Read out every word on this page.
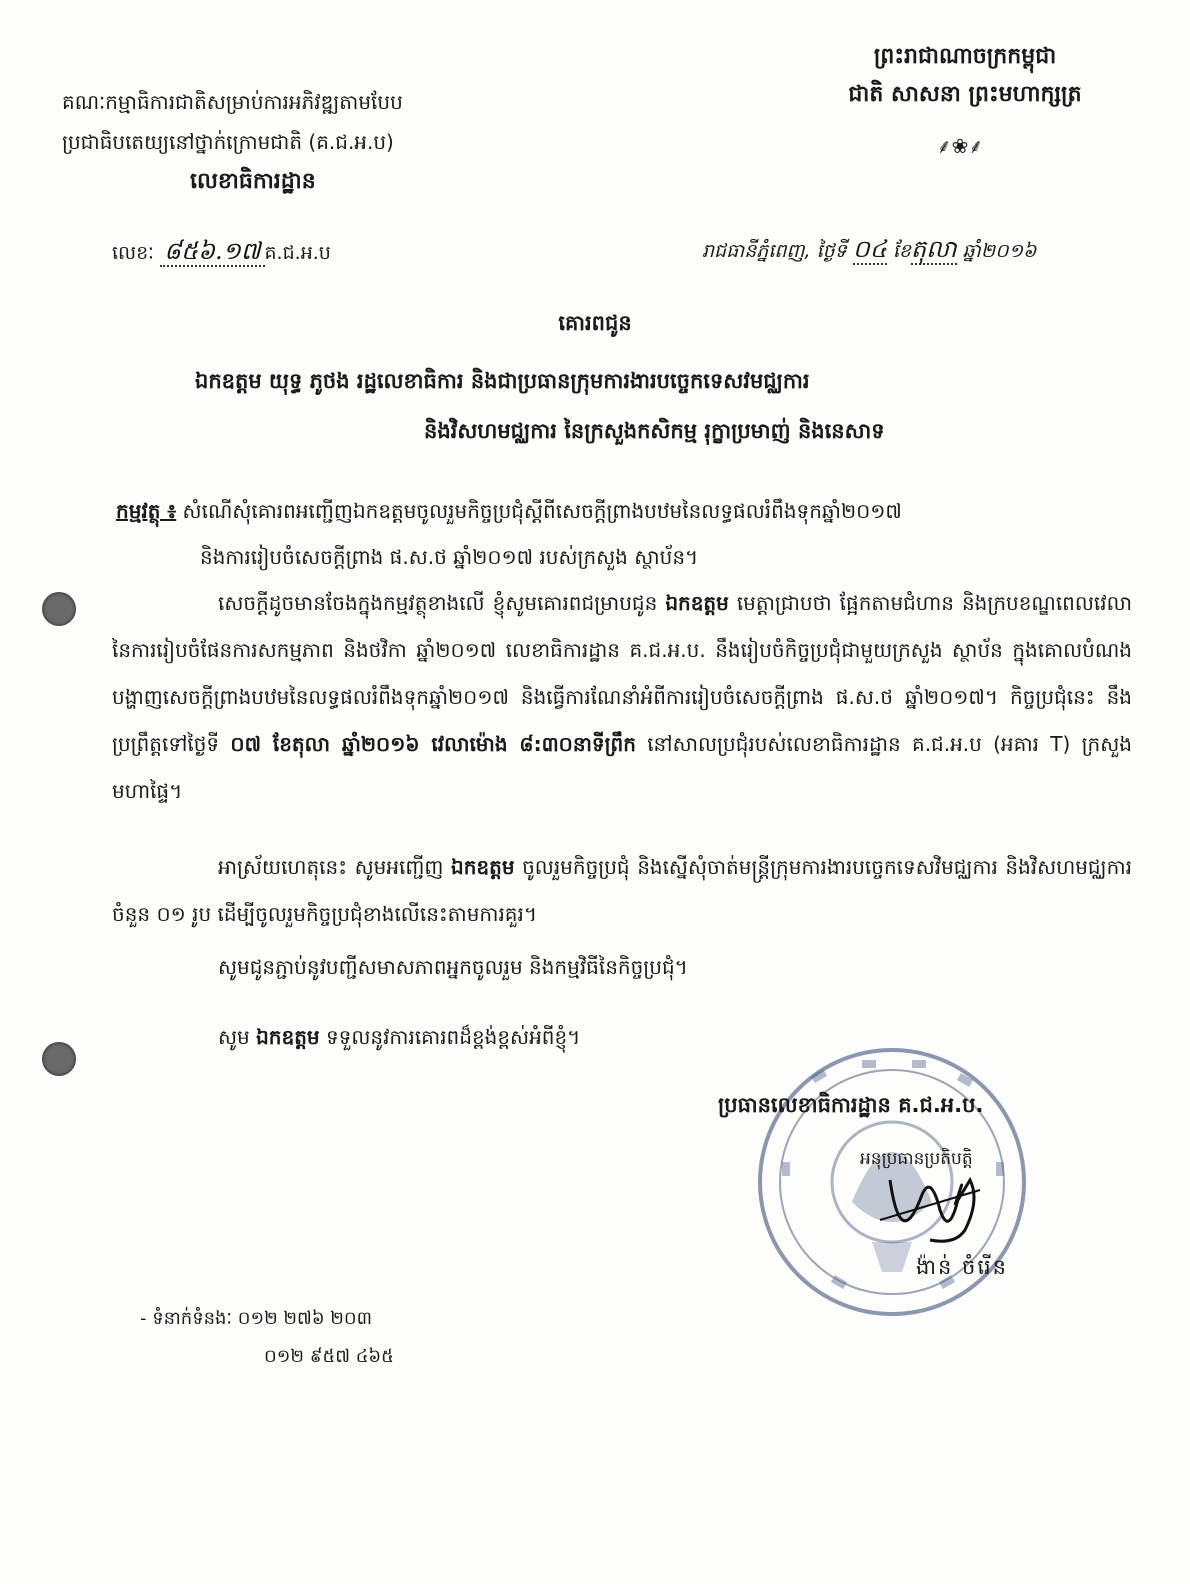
ព្រះរាជាណាចក្រកម្ពុជា
ជាតិ សាសនា ព្រះមហាក្សត្រ
⸙❀⸙
គណៈកម្មាធិការជាតិសម្រាប់ការអភិវឌ្ឍតាមបែប
ប្រជាធិបតេយ្យនៅថ្នាក់ក្រោមជាតិ (គ.ជ.អ.ប)
លេខាធិការដ្ឋាន
លេខៈ ៨៥៦.១៧ គ.ជ.អ.ប	រាជធានីភ្នំពេញ, ថ្ងៃទី ០៤ ខែតុលា ឆ្នាំ២០១៦
គោរពជូន
ឯកឧត្តម យុទ្ធ ភូថង រដ្ឋលេខាធិការ និងជាប្រធានក្រុមការងារបច្ចេកទេសវមជ្ឈការ
និងវិសហមជ្ឈការ នៃក្រសួងកសិកម្ម រុក្ខាប្រមាញ់ និងនេសាទ
កម្មវត្ថុ ៖ សំណើសុំគោរពអញ្ជើញឯកឧត្តមចូលរួមកិច្ចប្រជុំស្តីពីសេចក្តីព្រាងបឋមនៃលទ្ធផលរំពឹងទុកឆ្នាំ២០១៧
និងការរៀបចំសេចក្តីព្រាង ផ.ស.ថ ឆ្នាំ២០១៧ របស់ក្រសួង ស្ថាប័ន។
សេចក្តីដូចមានចែងក្នុងកម្មវត្ថុខាងលើ ខ្ញុំសូមគោរពជម្រាបជូន ឯកឧត្តម មេត្តាជ្រាបថា ផ្អែកតាមជំហាន និងក្របខណ្ឌពេលវេលានៃការរៀបចំផែនការសកម្មភាព និងថវិកា ឆ្នាំ២០១៧ លេខាធិការដ្ឋាន គ.ជ.អ.ប. នឹងរៀបចំកិច្ចប្រជុំជាមួយក្រសួង ស្ថាប័ន ក្នុងគោលបំណងបង្ហាញសេចក្តីព្រាងបឋមនៃលទ្ធផលរំពឹងទុកឆ្នាំ២០១៧ និងធ្វើការណែនាំអំពីការរៀបចំសេចក្តីព្រាង ផ.ស.ថ ឆ្នាំ២០១៧។ កិច្ចប្រជុំនេះ នឹងប្រព្រឹត្តទៅថ្ងៃទី ០៧ ខែតុលា ឆ្នាំ២០១៦ វេលាម៉ោង ៨:៣០នាទីព្រឹក នៅសាលប្រជុំរបស់លេខាធិការដ្ឋាន គ.ជ.អ.ប (អគារ T) ក្រសួងមហាផ្ទៃ។
អាស្រ័យហេតុនេះ សូមអញ្ជើញ ឯកឧត្តម ចូលរួមកិច្ចប្រជុំ និងស្នើសុំចាត់មន្ត្រីក្រុមការងារបច្ចេកទេសវិមជ្ឈការ និងវិសហមជ្ឈការ ចំនួន ០១ រូប ដើម្បីចូលរួមកិច្ចប្រជុំខាងលើនេះតាមការគួរ។
សូមជូនភ្ជាប់នូវបញ្ជីសមាសភាពអ្នកចូលរួម និងកម្មវិធីនៃកិច្ចប្រជុំ។
សូម ឯកឧត្តម ទទួលនូវការគោរពដ៏ខ្ពង់ខ្ពស់អំពីខ្ញុំ។
ប្រធានលេខាធិការដ្ឋាន គ.ជ.អ.ប.
អនុប្រធានប្រតិបត្តិ
ង៉ាន់ ចំរើន
- ទំនាក់ទំនងៈ ០១២ ២៧៦ ២០៣
០១២ ៩៥៧ ៤៦៥
